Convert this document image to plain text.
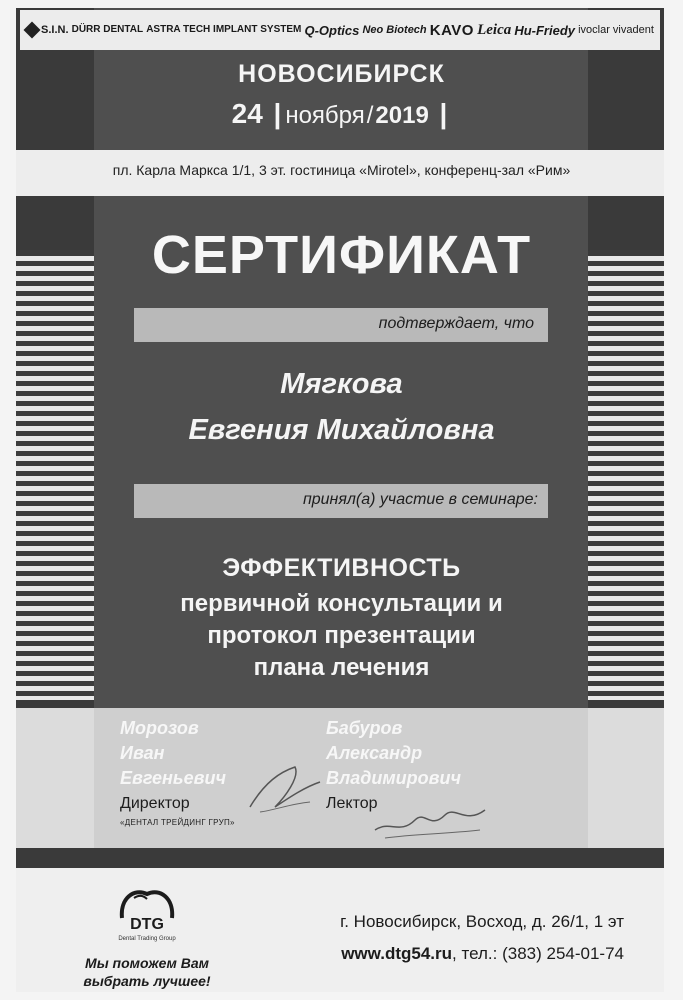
S.I.N. DÜRR DENTAL ASTRA TECH IMPLANT SYSTEM Q-Optics Neo Biotech KAVO Leica Hu-Friedy ivoclar vivadent
НОВОСИБИРСК
24 | ноября/2019 |
пл. Карла Маркса 1/1, 3 эт. гостиница «Mirotel», конференц-зал «Рим»
СЕРТИФИКАТ
подтверждает, что
Мягкова
Евгения Михайловна
принял(а) участие в семинаре:
ЭФФЕКТИВНОСТЬ
первичной консультации и
протокол презентации
плана лечения
Морозов
Иван
Евгеньевич
Директор
«ДЕНТАЛ ТРЕЙДИНГ ГРУП»
Бабуров
Александр
Владимирович
Лектор
DTG
Dental Trading Group
Мы поможем Вам
выбрать лучшее!
г. Новосибирск, Восход, д. 26/1, 1 эт
www.dtg54.ru, тел.: (383) 254-01-74
